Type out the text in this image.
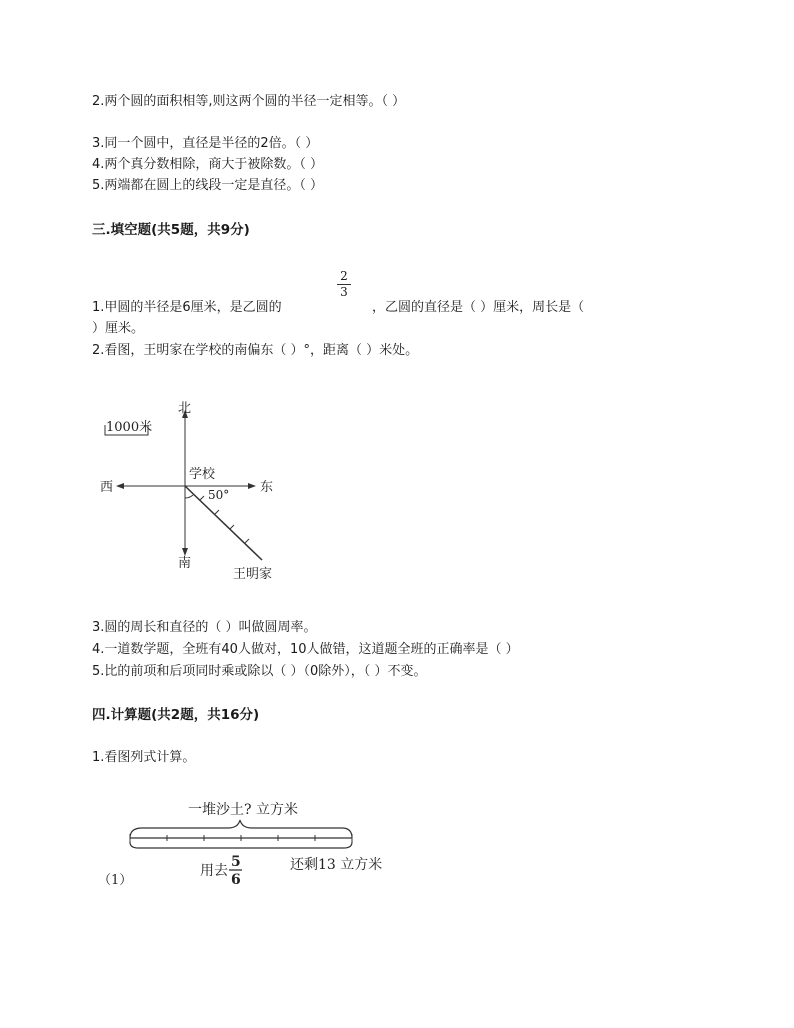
2.两个圆的面积相等,则这两个圆的半径一定相等。（ ）
3.同一个圆中，直径是半径的2倍。（ ）
4.两个真分数相除，商大于被除数。（ ）
5.两端都在圆上的线段一定是直径。（ ）
三.填空题(共5题，共9分)
2
3
1.甲圆的半径是6厘米，是乙圆的	，乙圆的直径是（ ）厘米，周长是（
）厘米。
2.看图，王明家在学校的南偏东（ ）°，距离（ ）米处。
1000米
北
南
东
西
学校
50°
王明家
3.圆的周长和直径的（ ）叫做圆周率。
4.一道数学题，全班有40人做对，10人做错，这道题全班的正确率是（ ）
5.比的前项和后项同时乘或除以（ ）（0除外），（ ）不变。
四.计算题(共2题，共16分)
1.看图列式计算。
一堆沙土? 立方米
用去
5
6
还剩13 立方米
（1）
